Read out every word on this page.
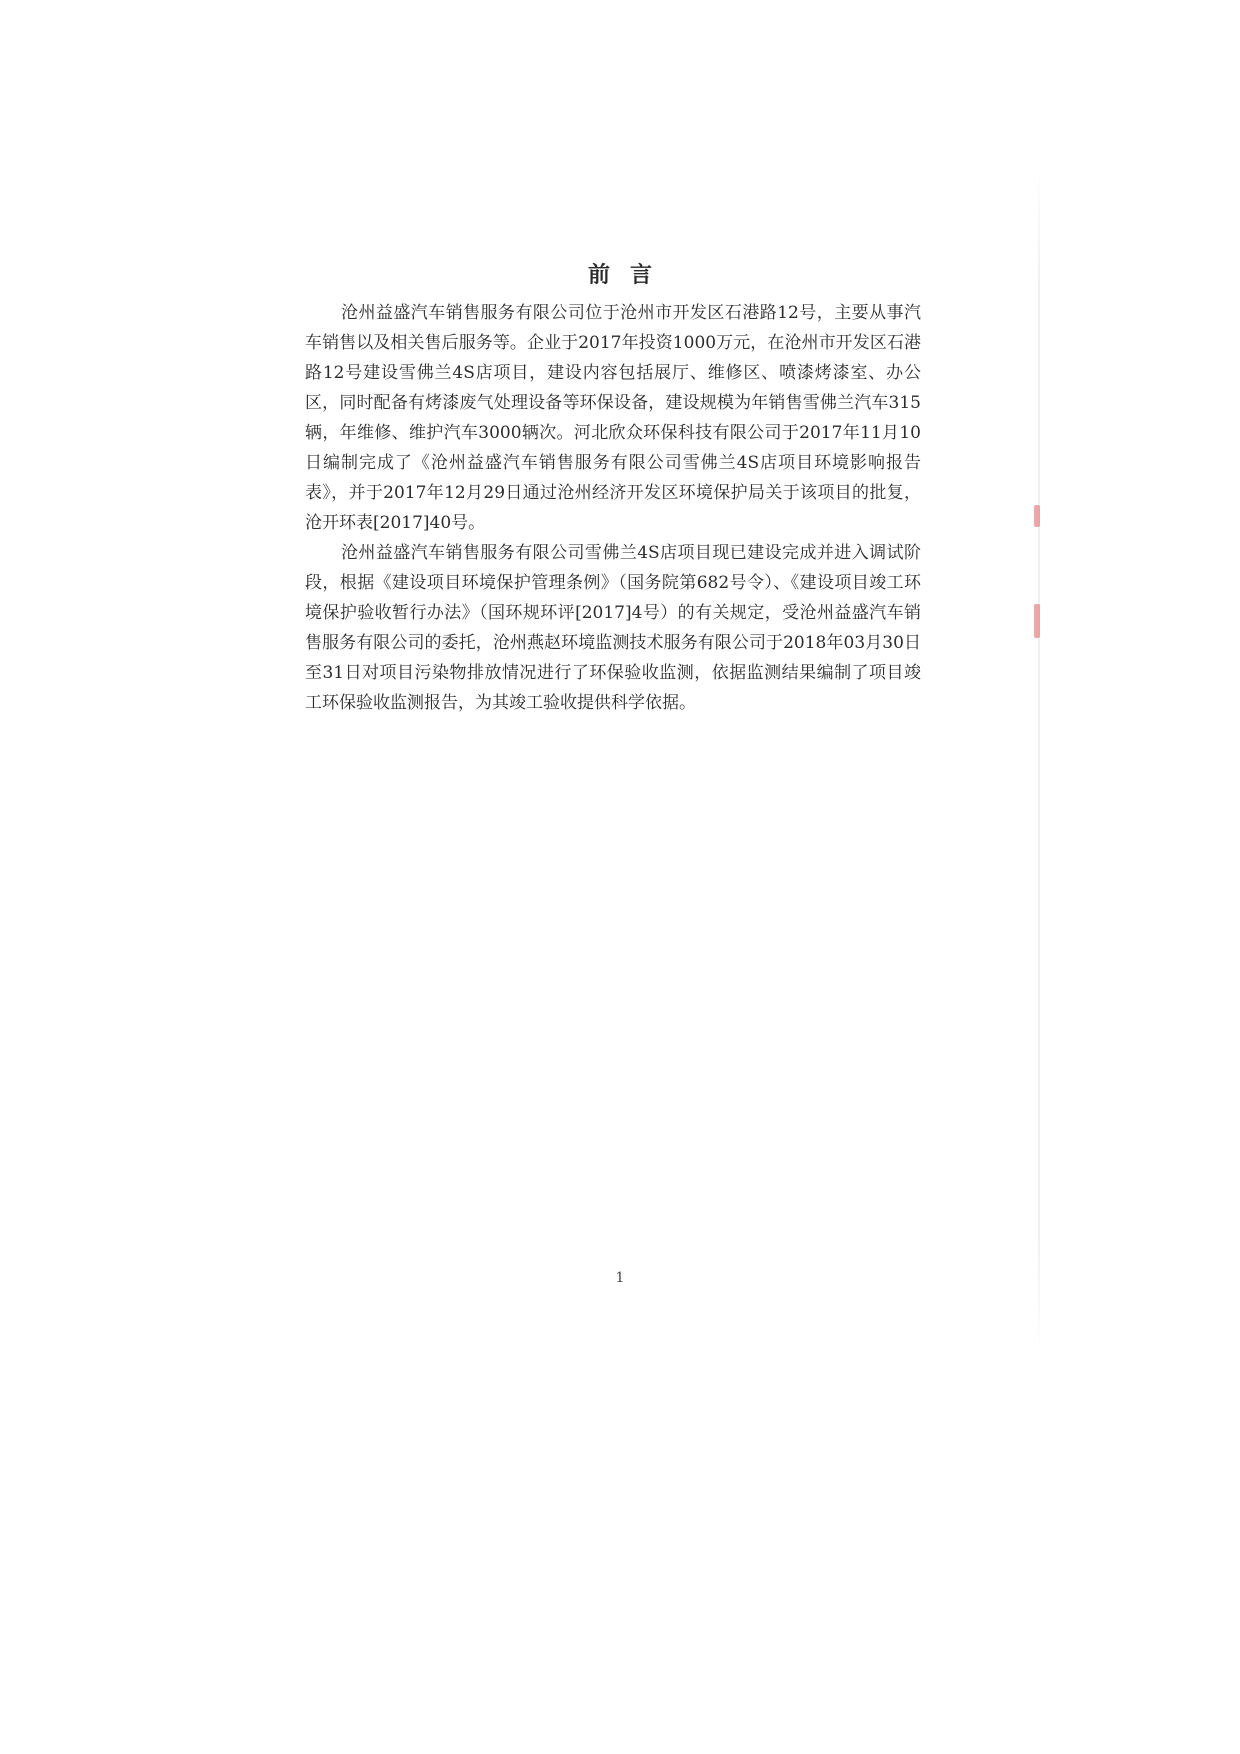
前言

沧州益盛汽车销售服务有限公司位于沧州市开发区石港路12号，主要从事汽车销售以及相关售后服务等。企业于2017年投资1000万元，在沧州市开发区石港路12号建设雪佛兰4S店项目，建设内容包括展厅、维修区、喷漆烤漆室、办公区，同时配备有烤漆废气处理设备等环保设备，建设规模为年销售雪佛兰汽车315辆，年维修、维护汽车3000辆次。河北欣众环保科技有限公司于2017年11月10日编制完成了《沧州益盛汽车销售服务有限公司雪佛兰4S店项目环境影响报告表》，并于2017年12月29日通过沧州经济开发区环境保护局关于该项目的批复，沧开环表[2017]40号。

沧州益盛汽车销售服务有限公司雪佛兰4S店项目现已建设完成并进入调试阶段，根据《建设项目环境保护管理条例》（国务院第682号令）、《建设项目竣工环境保护验收暂行办法》（国环规环评[2017]4号）的有关规定，受沧州益盛汽车销售服务有限公司的委托，沧州燕赵环境监测技术服务有限公司于2018年03月30日至31日对项目污染物排放情况进行了环保验收监测，依据监测结果编制了项目竣工环保验收监测报告，为其竣工验收提供科学依据。

1
